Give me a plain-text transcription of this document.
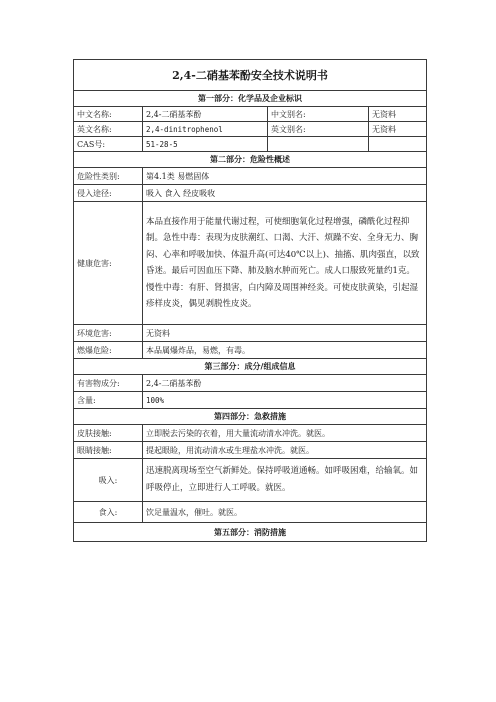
2,4-二硝基苯酚安全技术说明书			
第一部分：化学品及企业标识			
中文名称:	2,4-二硝基苯酚	中文别名:	无资料
英文名称:	2,4-dinitrophenol	英文别名:	无资料
CAS号:	51-28-5		
第二部分：危险性概述			
危险性类别:	第4.1类 易燃固体		
侵入途径:	吸入 食入 经皮吸收		
健康危害:	本品直接作用于能量代谢过程，可使细胞氧化过程增强，磷酰化过程抑制。急性中毒：表现为皮肤潮红、口渴、大汗、烦躁不安、全身无力、胸闷、心率和呼吸加快、体温升高(可达40℃以上)、抽搐、肌肉强直，以致昏迷。最后可因血压下降、肺及脑水肿而死亡。成人口服致死量约1克。慢性中毒：有肝、肾损害，白内障及周围神经炎。可使皮肤黄染，引起湿疹样皮炎，偶见剥脱性皮炎。		
环境危害:	无资料		
燃爆危险:	本品属爆炸品，易燃，有毒。		
第三部分：成分/组成信息			
有害物成分:	2,4-二硝基苯酚		
含量:	100%		
第四部分：急救措施			
皮肤接触:	立即脱去污染的衣着，用大量流动清水冲洗。就医。		
眼睛接触:	提起眼睑，用流动清水或生理盐水冲洗。就医。		
吸入:	迅速脱离现场至空气新鲜处。保持呼吸道通畅。如呼吸困难，给输氧。如呼吸停止，立即进行人工呼吸。就医。		
食入:	饮足量温水，催吐。就医。		
第五部分：消防措施			
